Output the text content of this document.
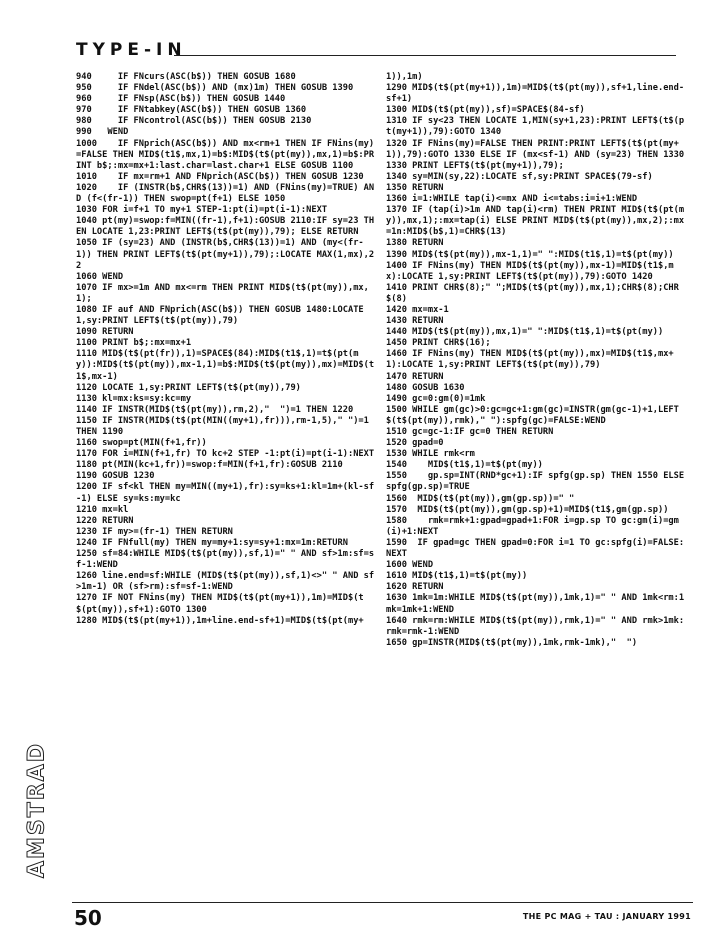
TYPE-IN
940     IF FNcurs(ASC(b$)) THEN GOSUB 1680
950     IF FNdel(ASC(b$)) AND (mx)1m) THEN GOSUB 1390
960     IF FNsp(ASC(b$)) THEN GOSUB 1440
970     IF FNtabkey(ASC(b$)) THEN GOSUB 1360
980     IF FNcontrol(ASC(b$)) THEN GOSUB 2130
990   WEND
1000    IF FNprich(ASC(b$)) AND mx<rm+1 THEN IF FNins(my)=FALSE THEN MID$(t1$,mx,1)=b$:MID$(t$(pt(my)),mx,1)=b$:PRINT b$;:mx=mx+1:last.char=last.char+1 ELSE GOSUB 1100
1010    IF mx=rm+1 AND FNprich(ASC(b$)) THEN GOSUB 1230
1020    IF (INSTR(b$,CHR$(13))=1) AND (FNins(my)=TRUE) AND (f<(fr-1)) THEN swop=pt(f+1) ELSE 1050
1030 FOR i=f+1 TO my+1 STEP-1:pt(i)=pt(i-1):NEXT
1040 pt(my)=swop:f=MIN((fr-1),f+1):GOSUB 2110:IF sy=23 THEN LOCATE 1,23:PRINT LEFT$(t$(pt(my)),79); ELSE RETURN
1050 IF (sy=23) AND (INSTR(b$,CHR$(13))=1) AND (my<(fr-1)) THEN PRINT LEFT$(t$(pt(my+1)),79);:LOCATE MAX(1,mx),22
1060 WEND
1070 IF mx>=1m AND mx<=rm THEN PRINT MID$(t$(pt(my)),mx,1);
1080 IF auf AND FNprich(ASC(b$)) THEN GOSUB 1480:LOCATE 1,sy:PRINT LEFT$(t$(pt(my)),79)
1090 RETURN
1100 PRINT b$;:mx=mx+1
1110 MID$(t$(pt(fr)),1)=SPACE$(84):MID$(t1$,1)=t$(pt(my)):MID$(t$(pt(my)),mx-1,1)=b$:MID$(t$(pt(my)),mx)=MID$(t1$,mx-1)
1120 LOCATE 1,sy:PRINT LEFT$(t$(pt(my)),79)
1130 kl=mx:ks=sy:kc=my
1140 IF INSTR(MID$(t$(pt(my)),rm,2),"  ")=1 THEN 1220
1150 IF INSTR(MID$(t$(pt(MIN((my+1),fr))),rm-1,5)," ")=1 THEN 1190
1160 swop=pt(MIN(f+1,fr))
1170 FOR i=MIN(f+1,fr) TO kc+2 STEP -1:pt(i)=pt(i-1):NEXT
1180 pt(MIN(kc+1,fr))=swop:f=MIN(f+1,fr):GOSUB 2110
1190 GOSUB 1230
1200 IF sf<kl THEN my=MIN((my+1),fr):sy=ks+1:kl=1m+(kl-sf-1) ELSE sy=ks:my=kc
1210 mx=kl
1220 RETURN
1230 IF my>=(fr-1) THEN RETURN
1240 IF FNfull(my) THEN my=my+1:sy=sy+1:mx=1m:RETURN
1250 sf=84:WHILE MID$(t$(pt(my)),sf,1)=" " AND sf>1m:sf=sf-1:WEND
1260 line.end=sf:WHILE (MID$(t$(pt(my)),sf,1)<>" " AND sf>1m-1) OR (sf>rm):sf=sf-1:WEND
1270 IF NOT FNins(my) THEN MID$(t$(pt(my+1)),1m)=MID$(t$(pt(my)),sf+1):GOTO 1300
1280 MID$(t$(pt(my+1)),1m+line.end-sf+1)=MID$(t$(pt(my+
1)),1m)
1290 MID$(t$(pt(my+1)),1m)=MID$(t$(pt(my)),sf+1,line.end-sf+1)
1300 MID$(t$(pt(my)),sf)=SPACE$(84-sf)
1310 IF sy<23 THEN LOCATE 1,MIN(sy+1,23):PRINT LEFT$(t$(pt(my+1)),79):GOTO 1340
1320 IF FNins(my)=FALSE THEN PRINT:PRINT LEFT$(t$(pt(my+1)),79):GOTO 1330 ELSE IF (mx<sf-1) AND (sy=23) THEN 1330
1330 PRINT LEFT$(t$(pt(my+1)),79);
1340 sy=MIN(sy,22):LOCATE sf,sy:PRINT SPACE$(79-sf)
1350 RETURN
1360 i=1:WHILE tap(i)<=mx AND i<=tabs:i=i+1:WEND
1370 IF (tap(i)>1m AND tap(i)<rm) THEN PRINT MID$(t$(pt(my)),mx,1);:mx=tap(i) ELSE PRINT MID$(t$(pt(my)),mx,2);:mx=1n:MID$(b$,1)=CHR$(13)
1380 RETURN
1390 MID$(t$(pt(my)),mx-1,1)=" ":MID$(t1$,1)=t$(pt(my))
1400 IF FNins(my) THEN MID$(t$(pt(my)),mx-1)=MID$(t1$,mx):LOCATE 1,sy:PRINT LEFT$(t$(pt(my)),79):GOTO 1420
1410 PRINT CHR$(8);" ";MID$(t$(pt(my)),mx,1);CHR$(8);CHR$(8)
1420 mx=mx-1
1430 RETURN
1440 MID$(t$(pt(my)),mx,1)=" ":MID$(t1$,1)=t$(pt(my))
1450 PRINT CHR$(16);
1460 IF FNins(my) THEN MID$(t$(pt(my)),mx)=MID$(t1$,mx+1):LOCATE 1,sy:PRINT LEFT$(t$(pt(my)),79)
1470 RETURN
1480 GOSUB 1630
1490 gc=0:gm(0)=1mk
1500 WHILE gm(gc)>0:gc=gc+1:gm(gc)=INSTR(gm(gc-1)+1,LEFT$(t$(pt(my)),rmk)," "):spfg(gc)=FALSE:WEND
1510 gc=gc-1:IF gc=0 THEN RETURN
1520 gpad=0
1530 WHILE rmk<rm
1540    MID$(t1$,1)=t$(pt(my))
1550    gp.sp=INT(RND*gc+1):IF spfg(gp.sp) THEN 1550 ELSE spfg(gp.sp)=TRUE
1560  MID$(t$(pt(my)),gm(gp.sp))=" "
1570  MID$(t$(pt(my)),gm(gp.sp)+1)=MID$(t1$,gm(gp.sp))
1580    rmk=rmk+1:gpad=gpad+1:FOR i=gp.sp TO gc:gm(i)=gm(i)+1:NEXT
1590  IF gpad=gc THEN gpad=0:FOR i=1 TO gc:spfg(i)=FALSE:NEXT
1600 WEND
1610 MID$(t1$,1)=t$(pt(my))
1620 RETURN
1630 1mk=1m:WHILE MID$(t$(pt(my)),1mk,1)=" " AND 1mk<rm:1mk=1mk+1:WEND
1640 rmk=rm:WHILE MID$(t$(pt(my)),rmk,1)=" " AND rmk>1mk:rmk=rmk-1:WEND
1650 gp=INSTR(MID$(t$(pt(my)),1mk,rmk-1mk),"  ")
AMSTRAD
50	THE PC MAG + TAU : JANUARY 1991
